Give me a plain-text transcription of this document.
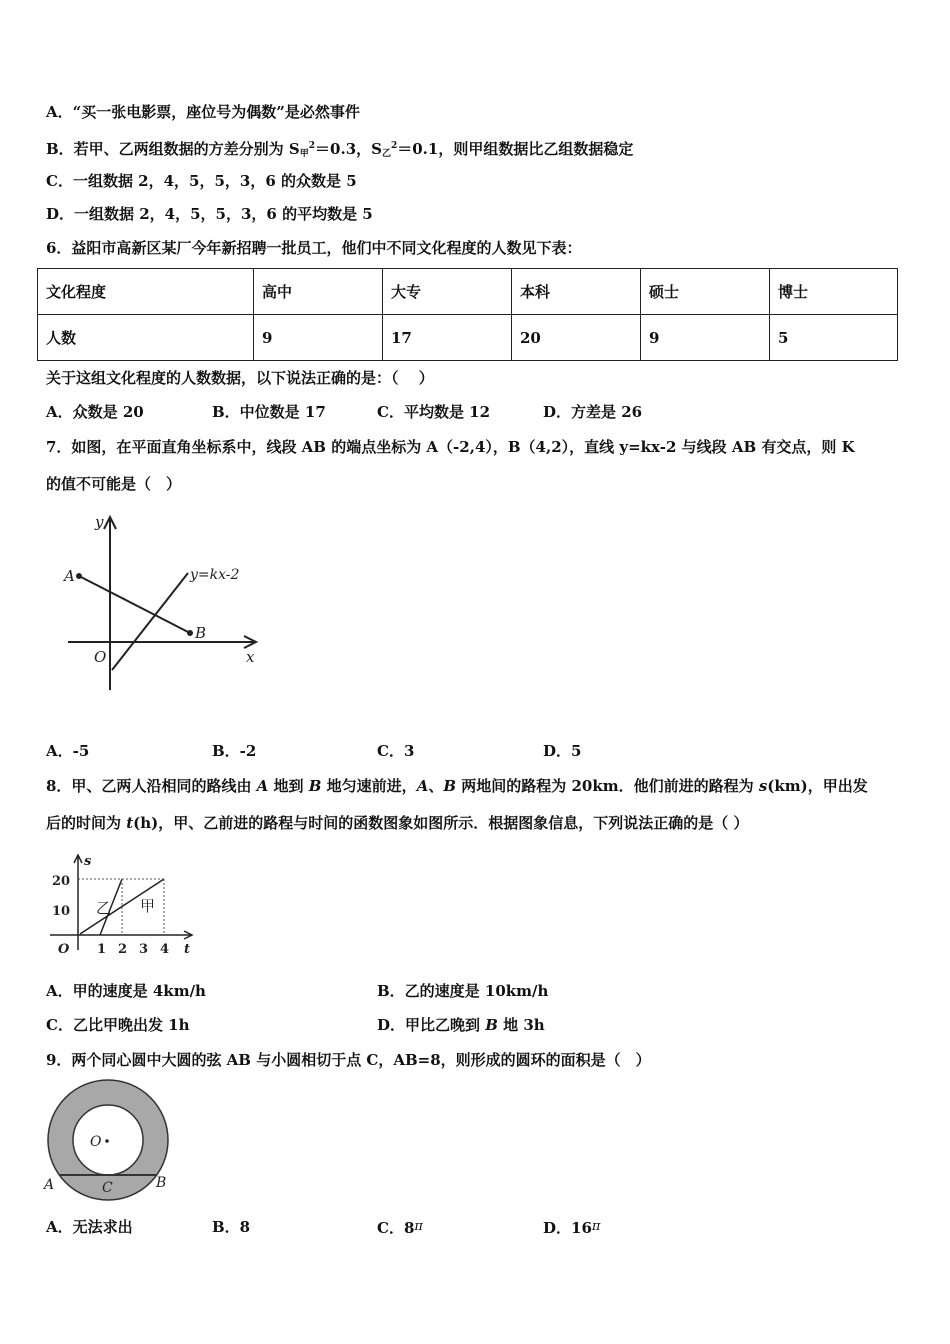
A．“买一张电影票，座位号为偶数”是必然事件
B．若甲、乙两组数据的方差分别为 $S_甲^2=0.3$，$S_乙^2=0.1$，则甲组数据比乙组数据稳定
C．一组数据 2，4，5，5，3，6 的众数是 5
D．一组数据 2，4，5，5，3，6 的平均数是 5
6．益阳市高新区某厂今年新招聘一批员工，他们中不同文化程度的人数见下表：
文化程度	高中	大专	本科	硕士	博士
人数	9	17	20	9	5
关于这组文化程度的人数数据，以下说法正确的是：（　 ）
A．众数是 20	B．中位数是 17	C．平均数是 12	D．方差是 26
7．如图，在平面直角坐标系中，线段 AB 的端点坐标为 A（-2,4），B（4,2），直线 y=kx-2 与线段 AB 有交点，则 K
的值不可能是（　）
y
A
B
y=kx-2
O	x
A．-5	B．-2	C．3	D．5
8．甲、乙两人沿相同的路线由 A 地到 B 地匀速前进，A、B 两地间的路程为 20km．他们前进的路程为 s(km)，甲出发
后的时间为 t(h)，甲、乙前进的路程与时间的函数图象如图所示．根据图象信息，下列说法正确的是（ ）
s
20
10
O 1 2 3 4 t
乙 甲
A．甲的速度是 4km/h	B．乙的速度是 10km/h
C．乙比甲晚出发 1h	D．甲比乙晚到 B 地 3h
9．两个同心圆中大圆的弦 AB 与小圆相切于点 C，AB=8，则形成的圆环的面积是（　）
O
A	C	B
A．无法求出	B．8	C．8π	D．16π
